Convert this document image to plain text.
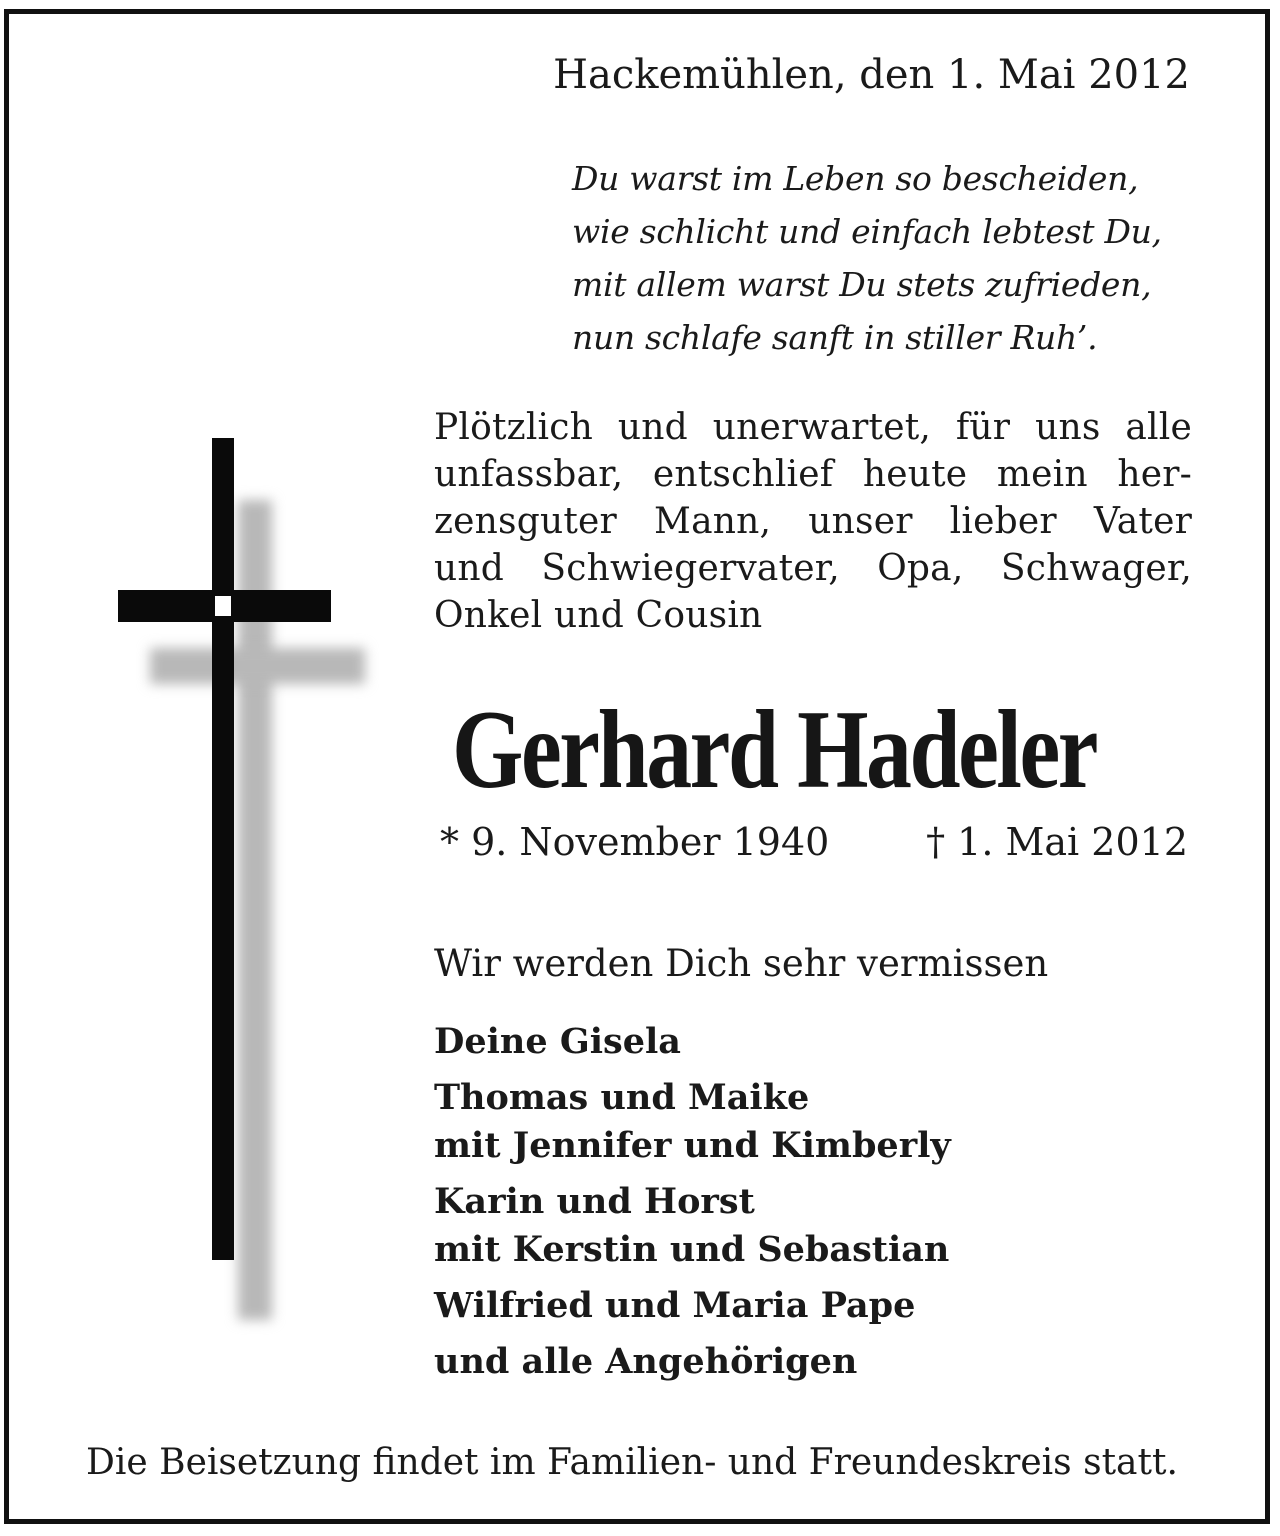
Hackemühlen, den 1. Mai 2012
Du warst im Leben so bescheiden,
wie schlicht und einfach lebtest Du,
mit allem warst Du stets zufrieden,
nun schlafe sanft in stiller Ruh’.
Plötzlich und unerwartet, für uns alle
unfassbar, entschlief heute mein her-
zensguter Mann, unser lieber Vater
und Schwiegervater, Opa, Schwager,
Onkel und Cousin
Gerhard Hadeler
* 9. November 1940	† 1. Mai 2012
Wir werden Dich sehr vermissen
Deine Gisela
Thomas und Maike
mit Jennifer und Kimberly
Karin und Horst
mit Kerstin und Sebastian
Wilfried und Maria Pape
und alle Angehörigen
Die Beisetzung findet im Familien- und Freundeskreis statt.
